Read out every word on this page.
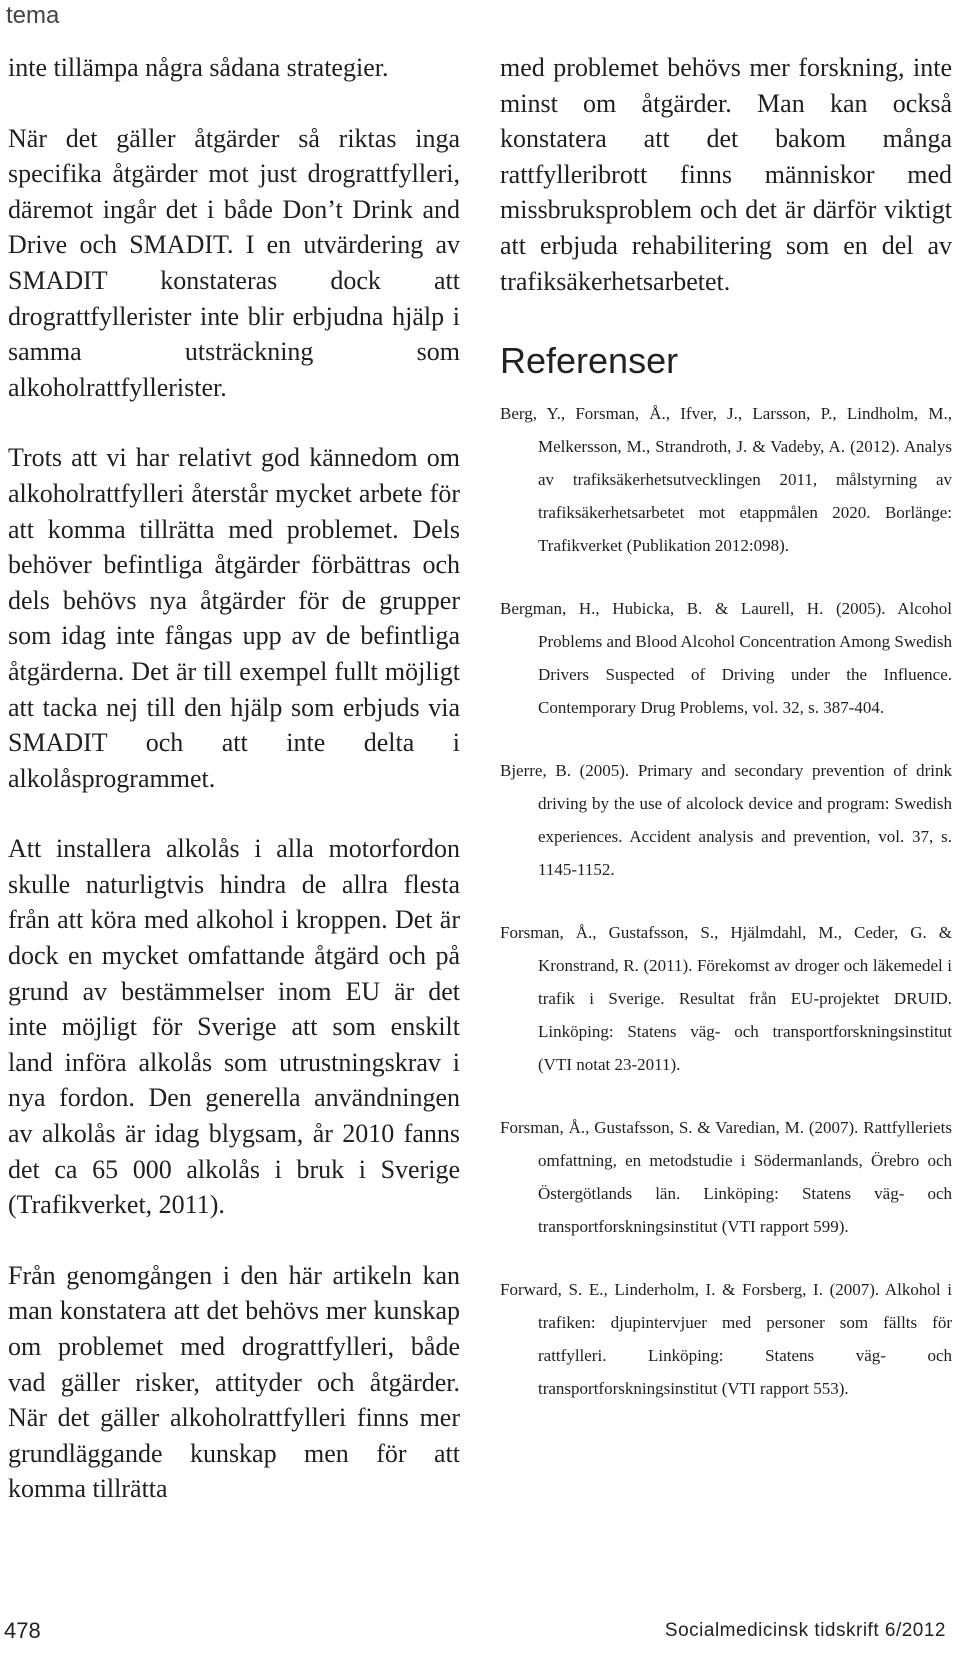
tema

inte tillämpa några sådana strategier.

När det gäller åtgärder så riktas inga specifika åtgärder mot just drograttfylleri, däremot ingår det i både Don’t Drink and Drive och SMADIT. I en utvärdering av SMADIT konstateras dock att drograttfyllerister inte blir erbjudna hjälp i samma utsträckning som alkoholrattfyllerister.

Trots att vi har relativt god kännedom om alkoholrattfylleri återstår mycket arbete för att komma tillrätta med problemet. Dels behöver befintliga åtgärder förbättras och dels behövs nya åtgärder för de grupper som idag inte fångas upp av de befintliga åtgärderna. Det är till exempel fullt möjligt att tacka nej till den hjälp som erbjuds via SMADIT och att inte delta i alkolåsprogrammet.

Att installera alkolås i alla motorfordon skulle naturligtvis hindra de allra flesta från att köra med alkohol i kroppen. Det är dock en mycket omfattande åtgärd och på grund av bestämmelser inom EU är det inte möjligt för Sverige att som enskilt land införa alkolås som utrustningskrav i nya fordon. Den generella användningen av alkolås är idag blygsam, år 2010 fanns det ca 65 000 alkolås i bruk i Sverige (Trafikverket, 2011).

Från genomgången i den här artikeln kan man konstatera att det behövs mer kunskap om problemet med drograttfylleri, både vad gäller risker, attityder och åtgärder. När det gäller alkoholrattfylleri finns mer grundläggande kunskap men för att komma tillrätta

med problemet behövs mer forskning, inte minst om åtgärder. Man kan också konstatera att det bakom många rattfylleribrott finns människor med missbruksproblem och det är därför viktigt att erbjuda rehabilitering som en del av trafiksäkerhetsarbetet.

Referenser
Berg, Y., Forsman, Å., Ifver, J., Larsson, P., Lindholm, M., Melkersson, M., Strandroth, J. & Vadeby, A. (2012). Analys av trafiksäkerhetsutvecklingen 2011, målstyrning av trafiksäkerhetsarbetet mot etappmålen 2020. Borlänge: Trafikverket (Publikation 2012:098).
Bergman, H., Hubicka, B. & Laurell, H. (2005). Alcohol Problems and Blood Alcohol Concentration Among Swedish Drivers Suspected of Driving under the Influence. Contemporary Drug Problems, vol. 32, s. 387-404.
Bjerre, B. (2005). Primary and secondary prevention of drink driving by the use of alcolock device and program: Swedish experiences. Accident analysis and prevention, vol. 37, s. 1145-1152.
Forsman, Å., Gustafsson, S., Hjälmdahl, M., Ceder, G. & Kronstrand, R. (2011). Förekomst av droger och läkemedel i trafik i Sverige. Resultat från EU-projektet DRUID. Linköping: Statens väg- och transportforskningsinstitut (VTI notat 23-2011).
Forsman, Å., Gustafsson, S. & Varedian, M. (2007). Rattfylleriets omfattning, en metodstudie i Södermanlands, Örebro och Östergötlands län. Linköping: Statens väg- och transportforskningsinstitut (VTI rapport 599).
Forward, S. E., Linderholm, I. & Forsberg, I. (2007). Alkohol i trafiken: djupintervjuer med personer som fällts för rattfylleri. Linköping: Statens väg- och transportforskningsinstitut (VTI rapport 553).
478	Socialmedicinsk tidskrift 6/2012
